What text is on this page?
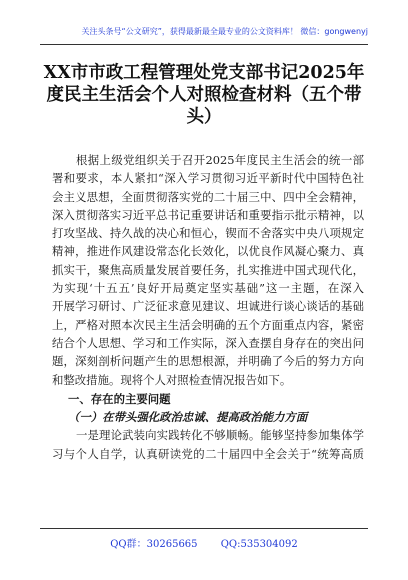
关注头条号“公文研究”，获得最新最全最专业的公文资料库！ 微信：gongwenyj
XX市市政工程管理处党支部书记2025年
度民主生活会个人对照检查材料（五个带
头）
根据上级党组织关于召开2025年度民主生活会的统一部
署和要求，本人紧扣“深入学习贯彻习近平新时代中国特色社
会主义思想，全面贯彻落实党的二十届三中、四中全会精神，
深入贯彻落实习近平总书记重要讲话和重要指示批示精神，以
打攻坚战、持久战的决心和恒心，锲而不舍落实中央八项规定
精神，推进作风建设常态化长效化，以优良作风凝心聚力、真
抓实干，聚焦高质量发展首要任务，扎实推进中国式现代化，
为实现‘十五五’良好开局奠定坚实基础”这一主题，在深入
开展学习研讨、广泛征求意见建议、坦诚进行谈心谈话的基础
上，严格对照本次民主生活会明确的五个方面重点内容，紧密
结合个人思想、学习和工作实际，深入查摆自身存在的突出问
题，深刻剖析问题产生的思想根源，并明确了今后的努力方向
和整改措施。现将个人对照检查情况报告如下。
一、存在的主要问题
（一）在带头强化政治忠诚、提高政治能力方面
一是理论武装向实践转化不够顺畅。能够坚持参加集体学
习与个人自学，认真研读党的二十届四中全会关于“统筹高质
QQ群：30265665 QQ:535304092
